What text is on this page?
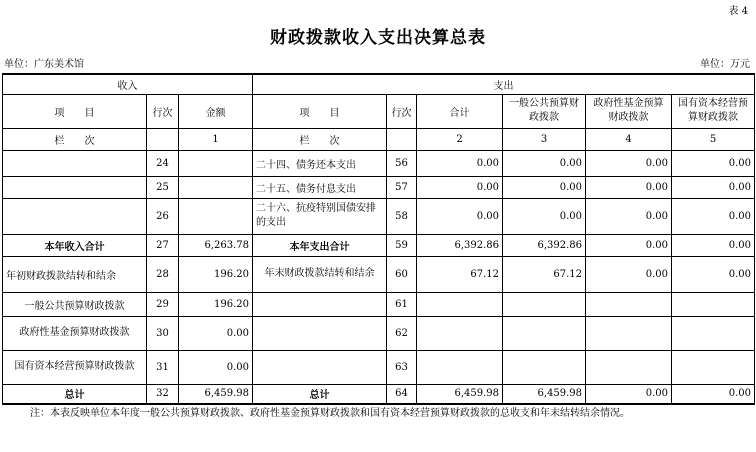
表 4
财政拨款收入支出决算总表
单位：广东美术馆	单位：万元
收入			支出					
项　　目	行次	金额	项　　目	行次	合计	一般公共预算财政拨款	政府性基金预算财政拨款	国有资本经营预算财政拨款
栏　　次		1	栏　　次		2	3	4	5
	24		二十四、债务还本支出	56	0.00	0.00	0.00	0.00
	25		二十五、债务付息支出	57	0.00	0.00	0.00	0.00
	26		二十六、抗疫特别国债安排的支出	58	0.00	0.00	0.00	0.00
本年收入合计	27	6,263.78	本年支出合计	59	6,392.86	6,392.86	0.00	0.00
年初财政拨款结转和结余	28	196.20	年末财政拨款结转和结余	60	67.12	67.12	0.00	0.00
一般公共预算财政拨款	29	196.20		61				
政府性基金预算财政拨款	30	0.00		62				
国有资本经营预算财政拨款	31	0.00		63				
总计	32	6,459.98	总计	64	6,459.98	6,459.98	0.00	0.00
注：本表反映单位本年度一般公共预算财政拨款、政府性基金预算财政拨款和国有资本经营预算财政拨款的总收支和年末结转结余情况。
